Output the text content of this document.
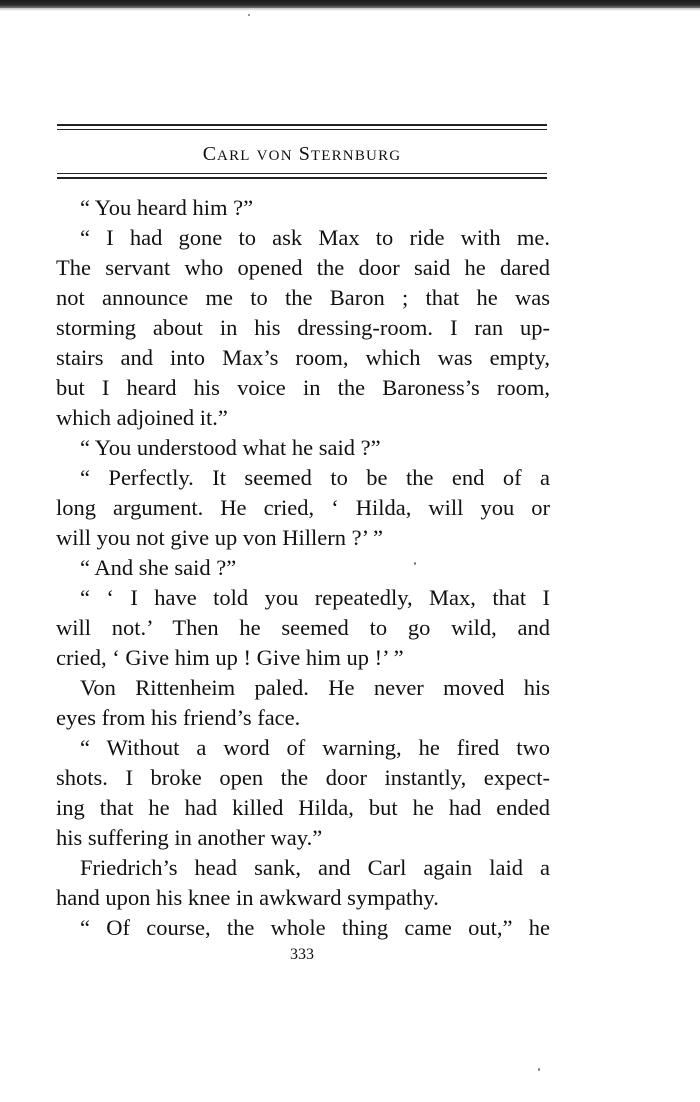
CARL VON STERNBURG
“ You heard him ?”
“ I had gone to ask Max to ride with me.
The servant who opened the door said he dared
not announce me to the Baron ; that he was
storming about in his dressing-room. I ran up-
stairs and into Max’s room, which was empty,
but I heard his voice in the Baroness’s room,
which adjoined it.”
“ You understood what he said ?”
“ Perfectly. It seemed to be the end of a
long argument. He cried, ‘ Hilda, will you or
will you not give up von Hillern ?’ ”
“ And she said ?”
“ ‘ I have told you repeatedly, Max, that I
will not.’ Then he seemed to go wild, and
cried, ‘ Give him up ! Give him up !’ ”
Von Rittenheim paled. He never moved his
eyes from his friend’s face.
“ Without a word of warning, he fired two
shots. I broke open the door instantly, expect-
ing that he had killed Hilda, but he had ended
his suffering in another way.”
Friedrich’s head sank, and Carl again laid a
hand upon his knee in awkward sympathy.
“ Of course, the whole thing came out,” he
333
